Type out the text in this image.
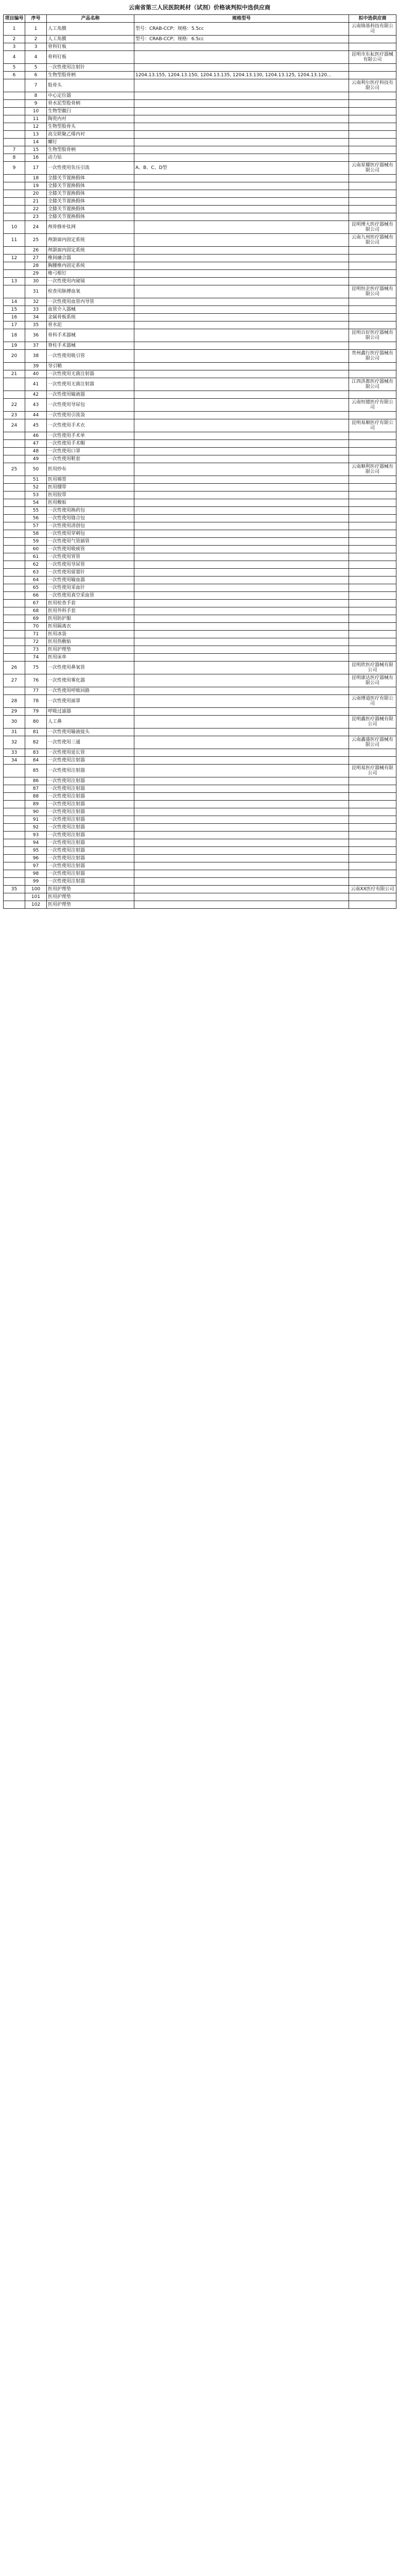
云南省第三人民医院耗材（试剂）价格谈判拟中选供应商
项目编号	序号	产品名称	规格型号	拟中选供应商
1	1	人工角膜	型号：CRAB-CCP；规格：5.5cc	云南锦基科技有限公司
2	2	人工角膜	型号：CRAB-CCP；规格：6.5cc	
3	3	骨科钉板		
4	4	骨科钉板		昆明市东耘医疗器械有限公司
5	5	一次性使用注射针		
6	6	生物型股骨柄	1204.13.155, 1204.13.150, 1204.13.135, 1204.13.130, 1204.13.125, 1204.13.120...	
	7	股骨头		云南利尔医疗科技有限公司
	8	中心定位器		
	9	骨水泥型股骨柄		
	10	生物型髋臼		
	11	陶瓷内衬		
	12	生物型股骨头		
	13	高交联聚乙烯内衬		
	14	螺钉		
7	15	生物型股骨柄		
8	16	动力钻		
9	17	一次性使用负压引流	A、B、C、D型	云南星耀医疗器械有限公司
	18	全膝关节置换假体		
	19	全膝关节置换假体		
	20	全膝关节置换假体		
	21	全膝关节置换假体		
	22	全膝关节置换假体		
	23	全膝关节置换假体		
10	24	颅骨修补钛网		昆明博大医疗器械有限公司
11	25	颅颌面内固定系统		云南九州医疗器械有限公司
	26	颅颌面内固定系统		
12	27	椎间融合器		
	28	胸腰椎内固定系统		
	29	椎弓根钉		
13	30	一次性使用内窥镜		
	31	检查用脉搏血氧		昆明恒企医疗器械有限公司
14	32	一次性使用血管内导管		
15	33	血管介入器械		
16	34	金属骨板系统		
17	35	骨水泥		
18	36	骨科手术器械		昆明百好医疗器械有限公司
19	37	脊柱手术器械		
20	38	一次性使用吸引管		贵州鑫行医疗器械有限公司
	39	导引鞘		
21	40	一次性使用无菌注射器		
	41	一次性使用无菌注射器		江西洪都医疗器械有限公司
	42	一次性使用输液器		
22	43	一次性使用导尿包		云南恒德医疗有限公司
23	44	一次性使用引流袋		
24	45	一次性使用手术衣		昆明易顺医疗有限公司
	46	一次性使用手术单		
	47	一次性使用手术帽		
	48	一次性使用口罩		
	49	一次性使用鞋套		
25	50	医用纱布		云南顺利医疗器械有限公司
	51	医用棉签		
	52	医用绷带		
	53	医用胶带		
	54	医用敷贴		
	55	一次性使用换药包		
	56	一次性使用缝合包		
	57	一次性使用清创包		
	58	一次性使用穿刺包		
	59	一次性使用气管插管		
	60	一次性使用吸痰管		
	61	一次性使用胃管		
	62	一次性使用导尿管		
	63	一次性使用留置针		
	64	一次性使用输血器		
	65	一次性使用采血针		
	66	一次性使用真空采血管		
	67	医用检查手套		
	68	医用外科手套		
	69	医用防护服		
	70	医用隔离衣		
	71	医用冰袋		
	72	医用热敷贴		
	73	医用护理垫		
	74	医用床单		
26	75	一次性使用鼻氧管		昆明欣医疗器械有限公司
27	76	一次性使用雾化器		昆明康达医疗器械有限公司
	77	一次性使用呼吸回路		
28	78	一次性使用面罩		云南博道医疗有限公司
29	79	呼吸过滤器		
30	80	人工鼻		昆明鑫医疗器械有限公司
31	81	一次性使用输液接头		
32	82	一次性使用三通		云南鑫盛医疗器械有限公司
33	83	一次性使用延长管		
34	84	一次性使用注射器		
	85	一次性使用注射器		昆明易医疗器械有限公司
	86	一次性使用注射器		
	87	一次性使用注射器		
	88	一次性使用注射器		
	89	一次性使用注射器		
	90	一次性使用注射器		
	91	一次性使用注射器		
	92	一次性使用注射器		
	93	一次性使用注射器		
	94	一次性使用注射器		
	95	一次性使用注射器		
	96	一次性使用注射器		
	97	一次性使用注射器		
	98	一次性使用注射器		
	99	一次性使用注射器		
35	100	医用护理垫		云南XX医疗有限公司
	101	医用护理垫		
	102	医用护理垫		
